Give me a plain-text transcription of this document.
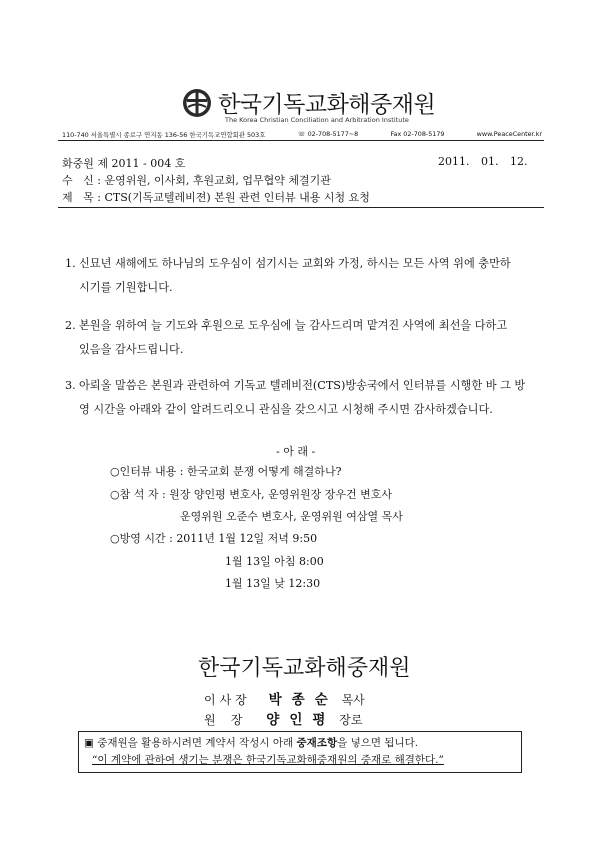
한국기독교화해중재원
The Korea Christian Conciliation and Arbitration Institute
110-740 서울특별시 종로구 연지동 136-56 한국기독교연합회관 503호	☏ 02-708-5177~8	Fax 02-708-5179	www.PeaceCenter.kr
화중원 제 2011 - 004 호	2011. 01. 12.
수   신 : 운영위원, 이사회, 후원교회, 업무협약 체결기관
제   목 : CTS(기독교텔레비젼) 본원 관련 인터뷰 내용 시청 요청
1. 신묘년 새해에도 하나님의 도우심이 섬기시는 교회와 가정, 하시는 모든 사역 위에 충만하
시기를 기원합니다.
2. 본원을 위하여 늘 기도와 후원으로 도우심에 늘 감사드리며 맡겨진 사역에 최선을 다하고
있음을 감사드립니다.
3. 아뢰올 말씀은 본원과 관련하여 기독교 텔레비전(CTS)방송국에서 인터뷰를 시행한 바 그 방
영 시간을 아래와 같이 알려드리오니 관심을 갖으시고 시청해 주시면 감사하겠습니다.
- 아 래 -
○인터뷰 내용 : 한국교회 분쟁 어떻게 해결하나?
○참 석 자 : 원장 양인평 변호사, 운영위원장 장우건 변호사
운영위원 오준수 변호사, 운영위원 여삼열 목사
○방영 시간 : 2011년 1월 12일 저녁 9:50
1월 13일 아침 8:00
1월 13일 낮 12:30
한국기독교화해중재원
이사장 박종순 목사
원    장 양인평 장로
▣ 중재원을 활용하시려면 계약서 작성시 아래 중재조항을 넣으면 됩니다.
“이 계약에 관하여 생기는 분쟁은 한국기독교화해중재원의 중재로 해결한다.”
